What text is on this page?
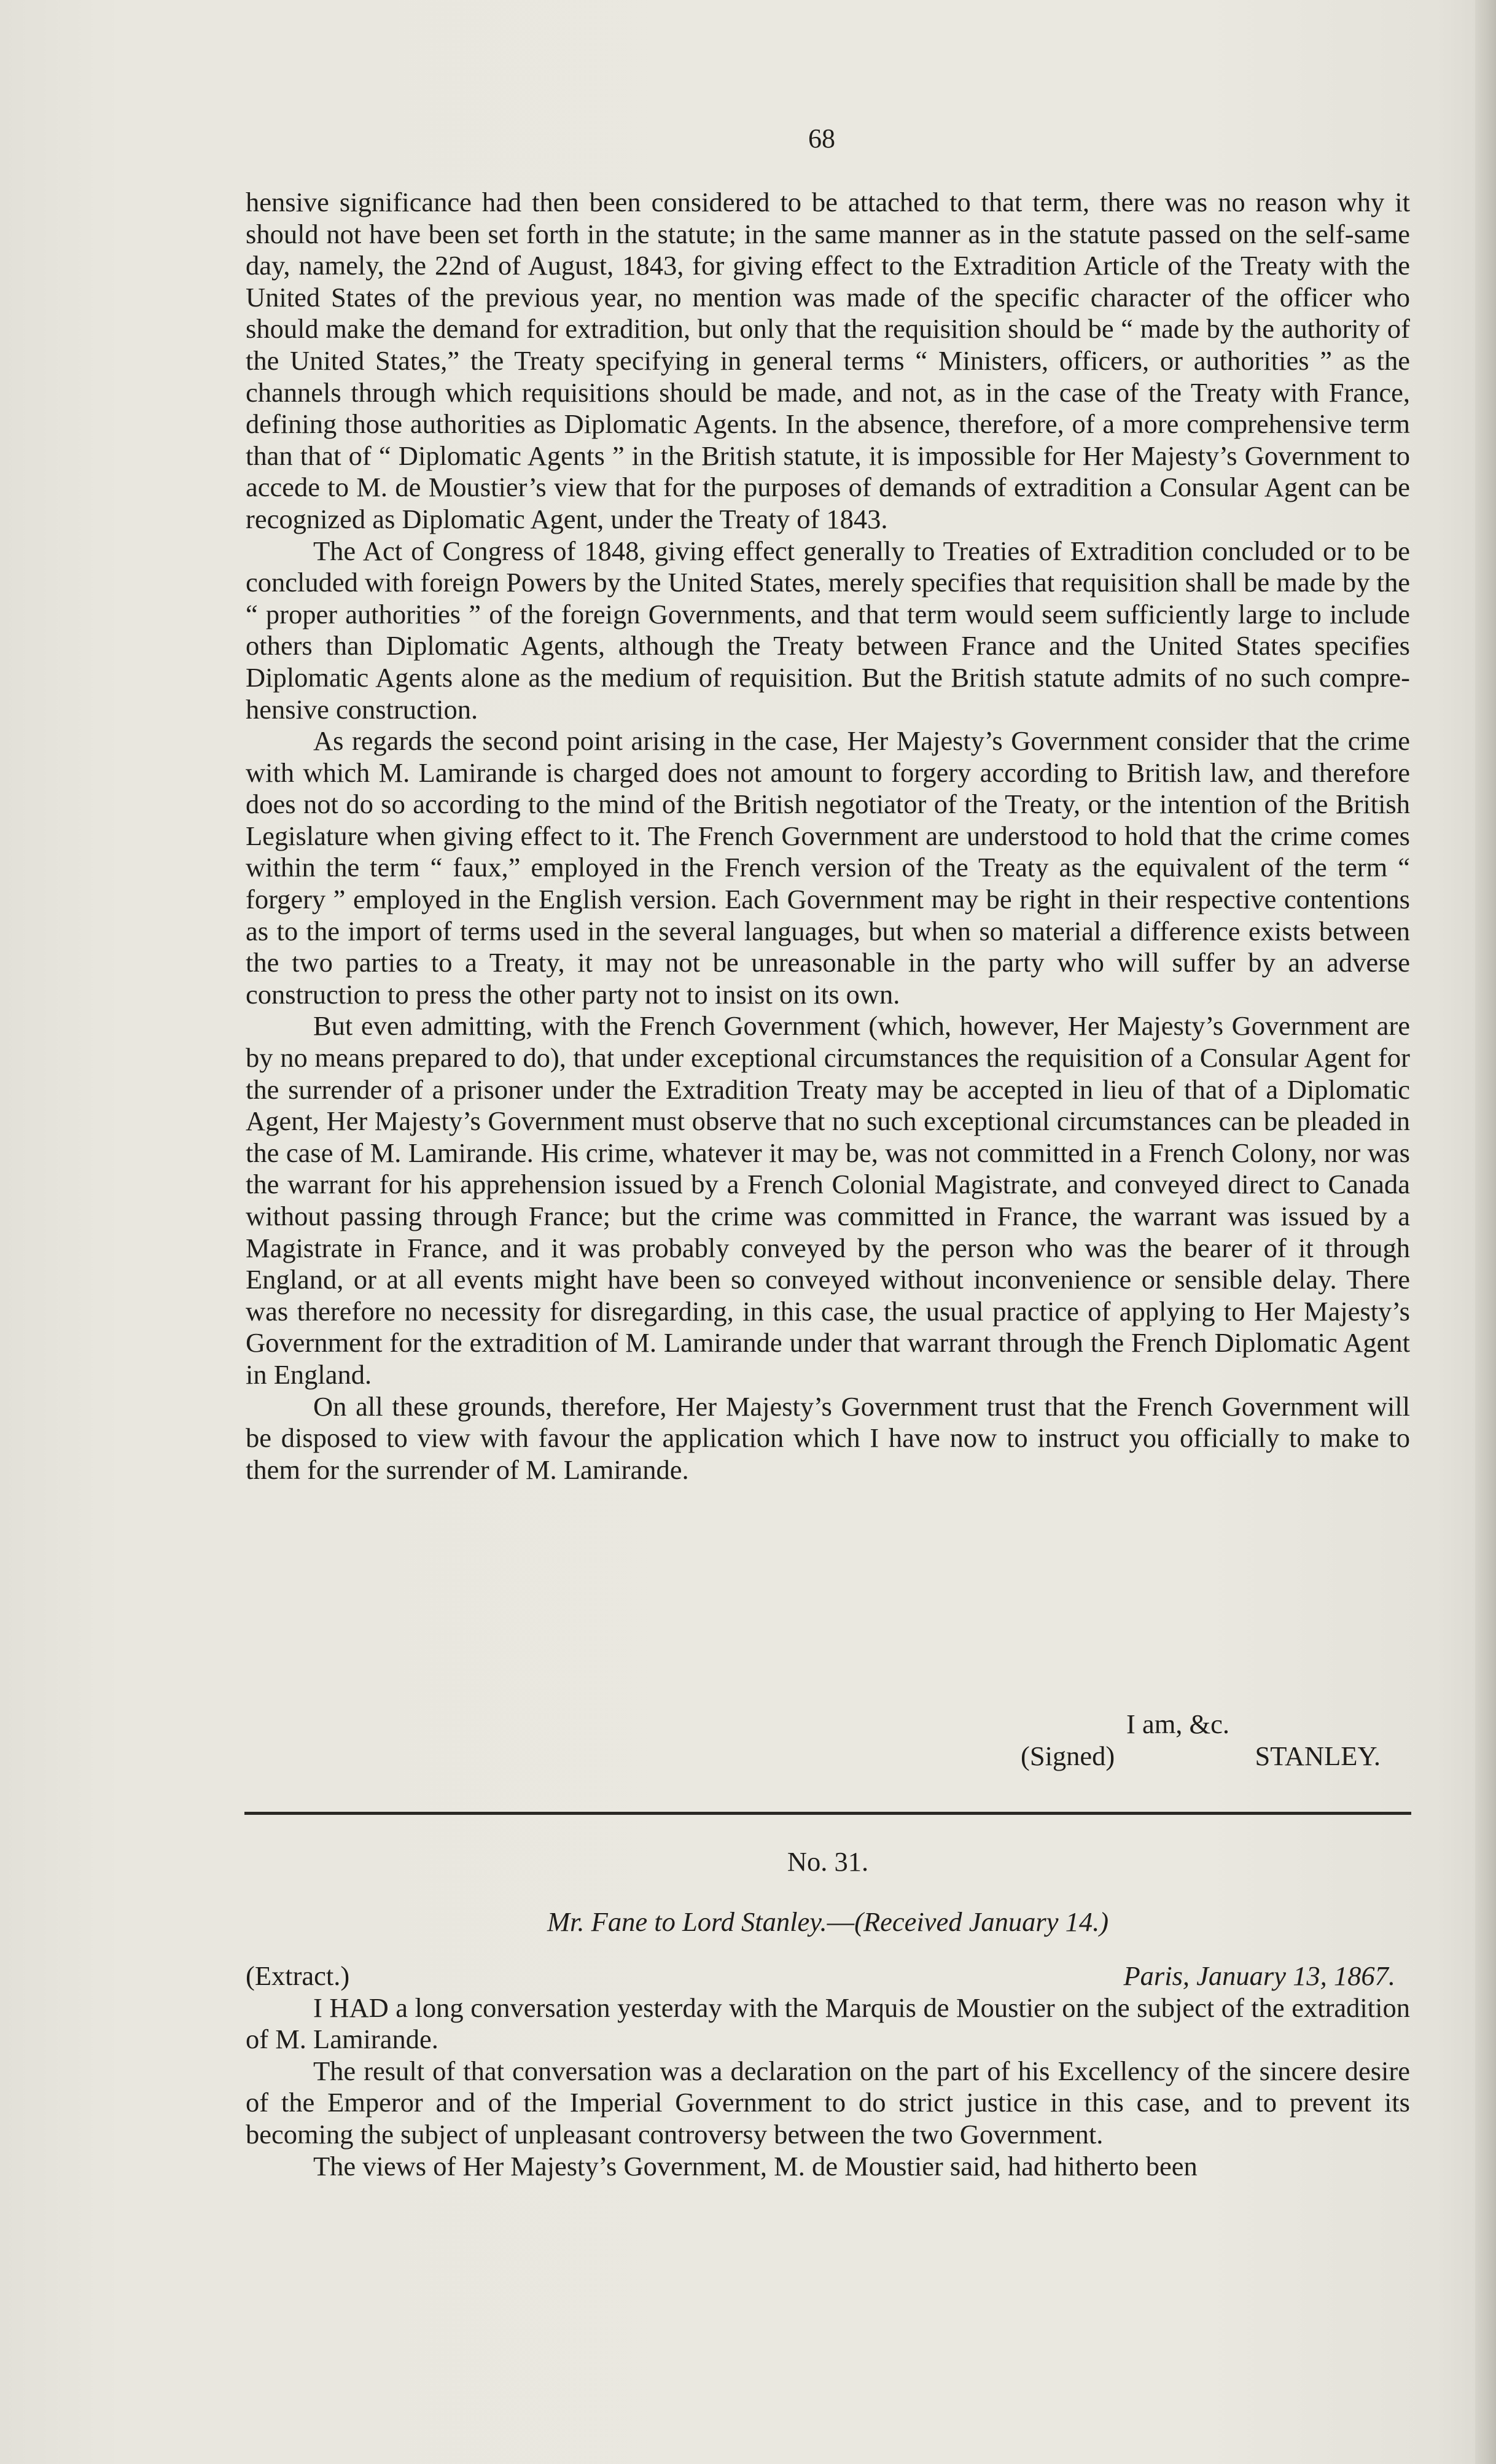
68

hensive significance had then been considered to be attached to that term, there was no reason why it should not have been set forth in the statute; in the same manner as in the statute passed on the self-same day, namely, the 22nd of August, 1843, for giving effect to the Extradition Article of the Treaty with the United States of the previous year, no mention was made of the specific character of the officer who should make the demand for extradition, but only that the requisition should be “ made by the authority of the United States,” the Treaty specifying in general terms “ Ministers, officers, or authorities ” as the channels through which requisitions should be made, and not, as in the case of the Treaty with France, defining those authorities as Diplomatic Agents. In the absence, therefore, of a more comprehensive term than that of “ Diplomatic Agents ” in the British statute, it is impossible for Her Majesty’s Government to accede to M. de Moustier’s view that for the purposes of demands of extradition a Consular Agent can be recognized as Diplomatic Agent, under the Treaty of 1843.

The Act of Congress of 1848, giving effect generally to Treaties of Extradition concluded or to be concluded with foreign Powers by the United States, merely specifies that requisition shall be made by the “ proper authorities ” of the foreign Governments, and that term would seem sufficiently large to include others than Diplomatic Agents, although the Treaty between France and the United States specifies Diplomatic Agents alone as the medium of requisition. But the British statute admits of no such compre-hensive construction.

As regards the second point arising in the case, Her Majesty’s Government consider that the crime with which M. Lamirande is charged does not amount to forgery according to British law, and therefore does not do so according to the mind of the British negotiator of the Treaty, or the intention of the British Legislature when giving effect to it. The French Government are understood to hold that the crime comes within the term “ faux,” employed in the French version of the Treaty as the equivalent of the term “ forgery ” employed in the English version. Each Government may be right in their respective contentions as to the import of terms used in the several languages, but when so material a difference exists between the two parties to a Treaty, it may not be unreasonable in the party who will suffer by an adverse construction to press the other party not to insist on its own.

But even admitting, with the French Government (which, however, Her Majesty’s Government are by no means prepared to do), that under exceptional circumstances the requisition of a Consular Agent for the surrender of a prisoner under the Extradition Treaty may be accepted in lieu of that of a Diplomatic Agent, Her Majesty’s Government must observe that no such exceptional circumstances can be pleaded in the case of M. Lamirande. His crime, whatever it may be, was not committed in a French Colony, nor was the warrant for his apprehension issued by a French Colonial Magistrate, and conveyed direct to Canada without passing through France; but the crime was committed in France, the warrant was issued by a Magistrate in France, and it was probably conveyed by the person who was the bearer of it through England, or at all events might have been so conveyed without inconvenience or sensible delay. There was therefore no necessity for disregarding, in this case, the usual practice of applying to Her Majesty’s Government for the extradition of M. Lamirande under that warrant through the French Diplomatic Agent in England.

On all these grounds, therefore, Her Majesty’s Government trust that the French Government will be disposed to view with favour the application which I have now to instruct you officially to make to them for the surrender of M. Lamirande.

I am, &c.
(Signed)	STANLEY.
No. 31.
Mr. Fane to Lord Stanley.—(Received January 14.)
(Extract.)	Paris, January 13, 1867.

I HAD a long conversation yesterday with the Marquis de Moustier on the subject of the extradition of M. Lamirande.

The result of that conversation was a declaration on the part of his Excellency of the sincere desire of the Emperor and of the Imperial Government to do strict justice in this case, and to prevent its becoming the subject of unpleasant controversy between the two Government.

The views of Her Majesty’s Government, M. de Moustier said, had hitherto been
